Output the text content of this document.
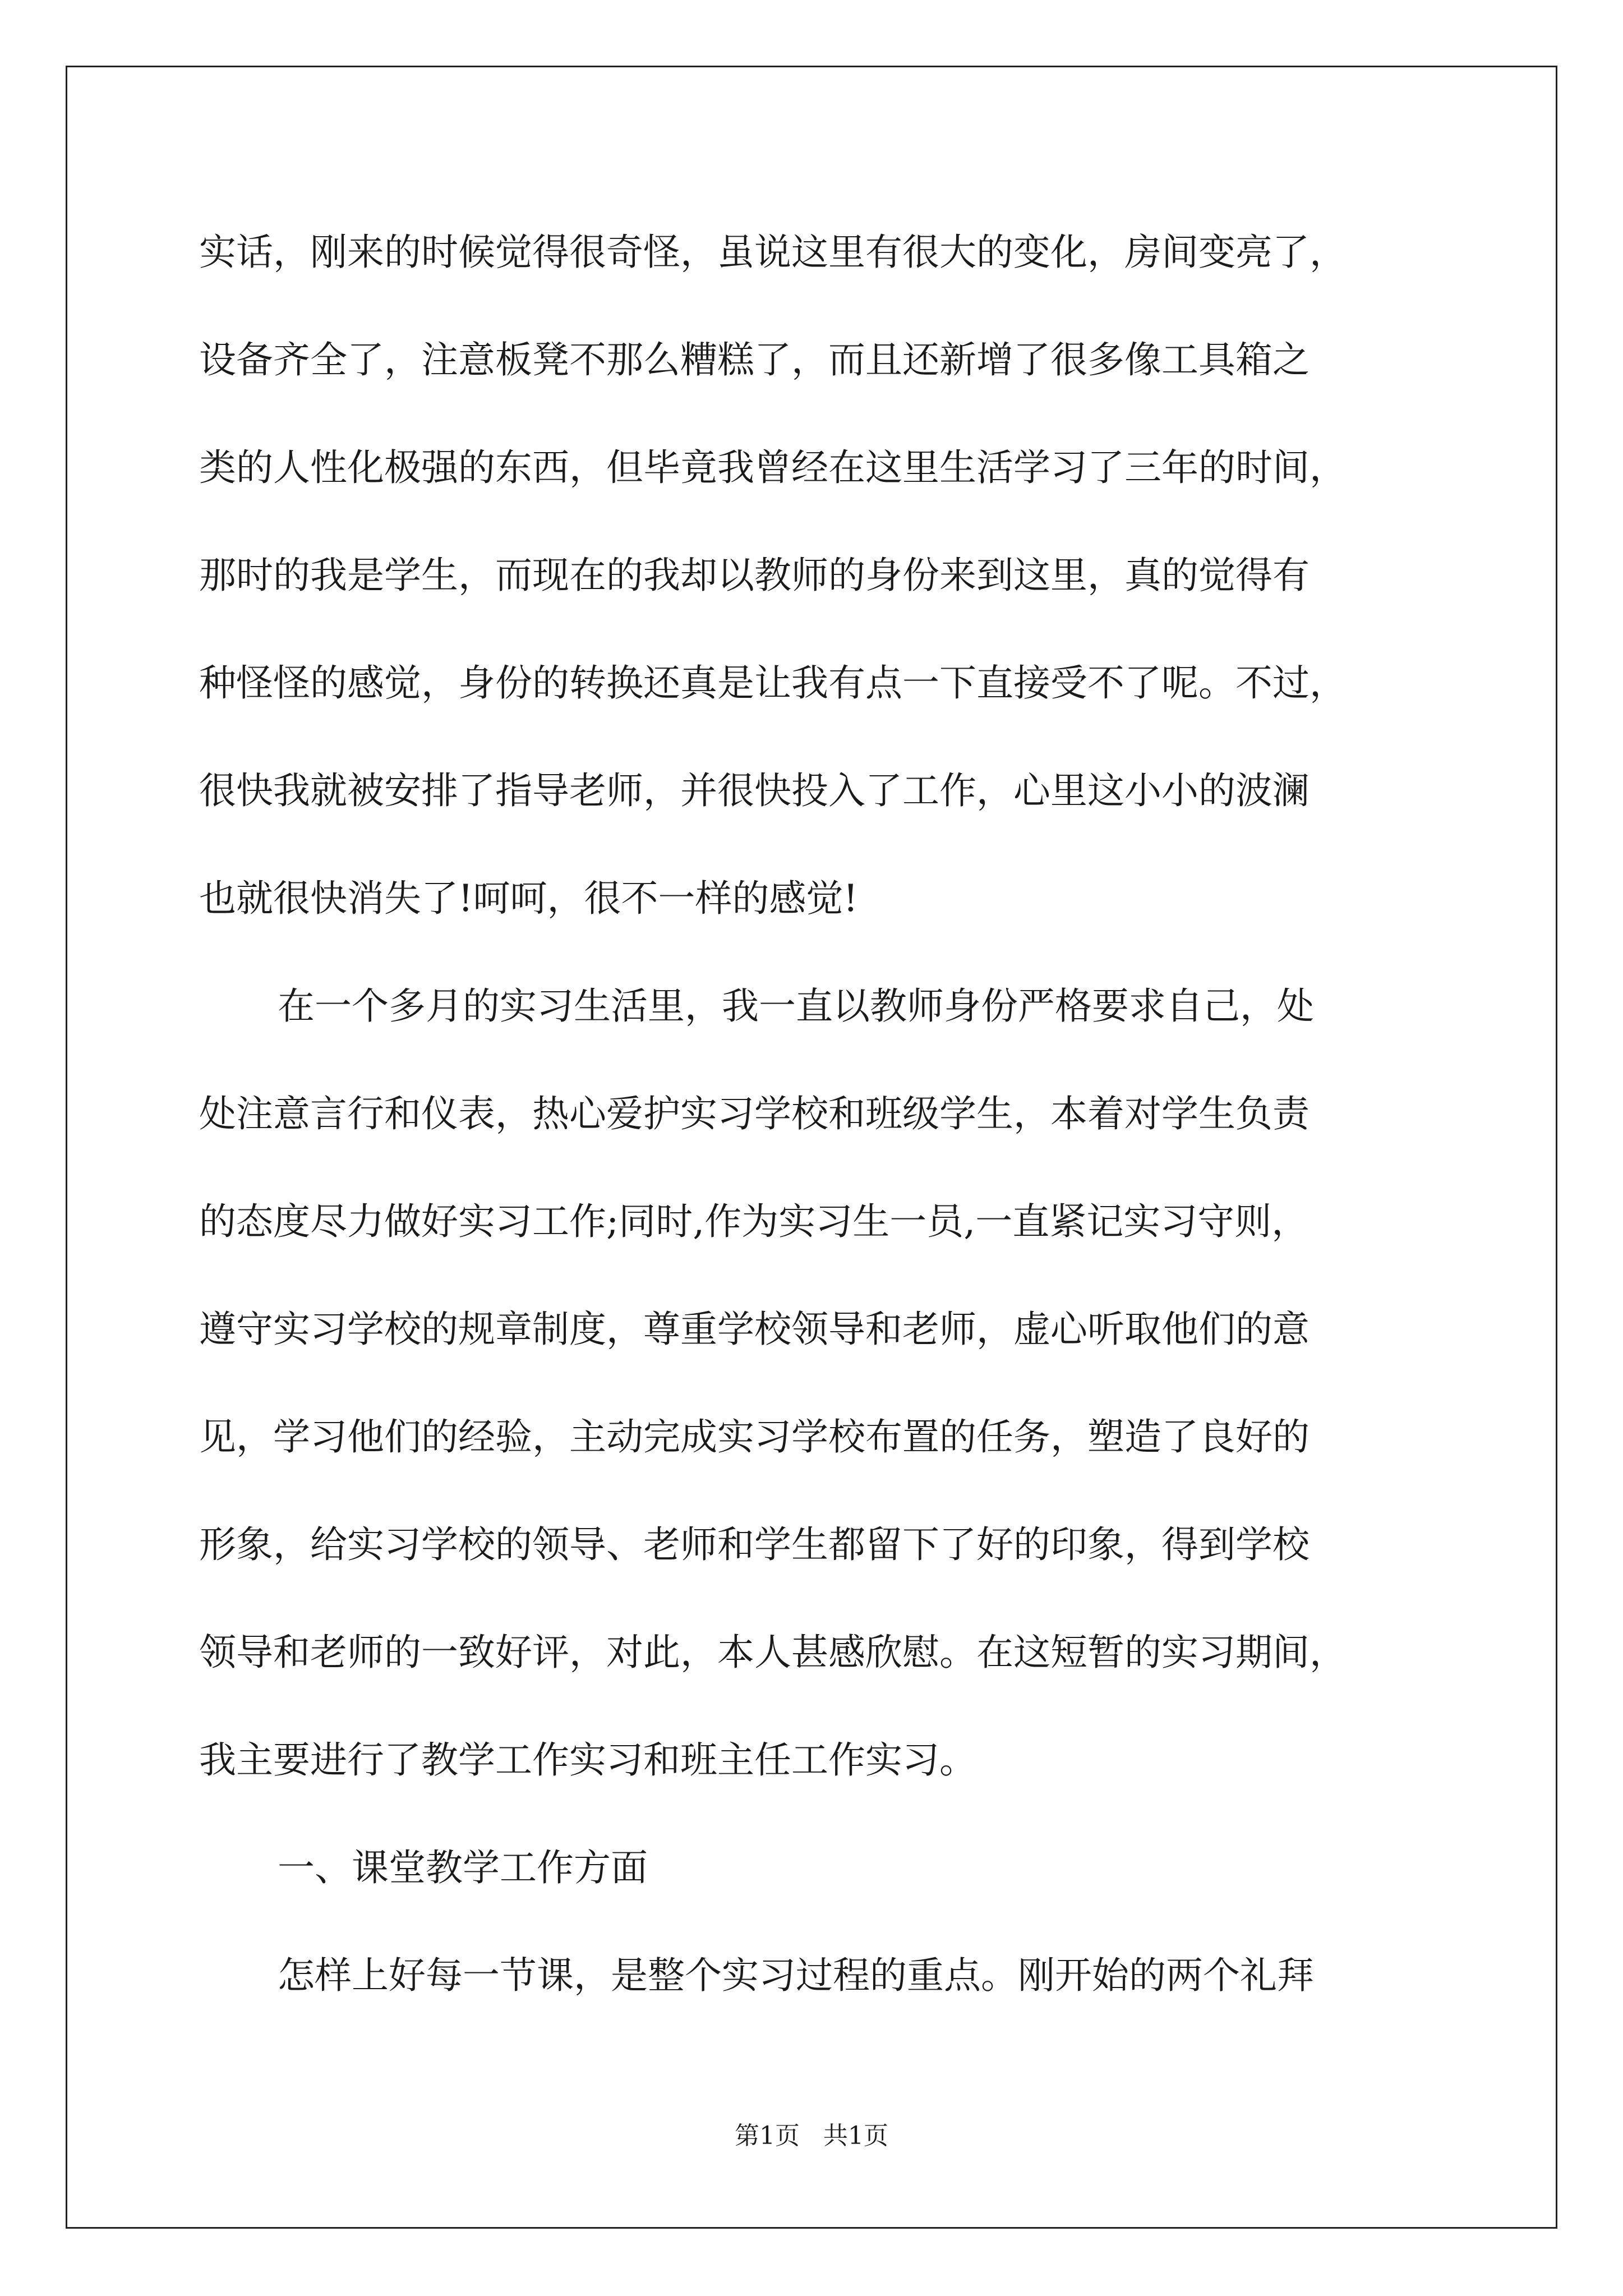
实话，刚来的时候觉得很奇怪，虽说这里有很大的变化，房间变亮了，
设备齐全了，注意板凳不那么糟糕了，而且还新增了很多像工具箱之
类的人性化极强的东西，但毕竟我曾经在这里生活学习了三年的时间，
那时的我是学生，而现在的我却以教师的身份来到这里，真的觉得有
种怪怪的感觉，身份的转换还真是让我有点一下直接受不了呢。不过，
很快我就被安排了指导老师，并很快投入了工作，心里这小小的波澜
也就很快消失了!呵呵，很不一样的感觉!
在一个多月的实习生活里，我一直以教师身份严格要求自己，处
处注意言行和仪表，热心爱护实习学校和班级学生，本着对学生负责
的态度尽力做好实习工作;同时,作为实习生一员,一直紧记实习守则，
遵守实习学校的规章制度，尊重学校领导和老师，虚心听取他们的意
见，学习他们的经验，主动完成实习学校布置的任务，塑造了良好的
形象，给实习学校的领导、老师和学生都留下了好的印象，得到学校
领导和老师的一致好评，对此，本人甚感欣慰。在这短暂的实习期间，
我主要进行了教学工作实习和班主任工作实习。
一、课堂教学工作方面
怎样上好每一节课，是整个实习过程的重点。刚开始的两个礼拜
第1页   共1页
